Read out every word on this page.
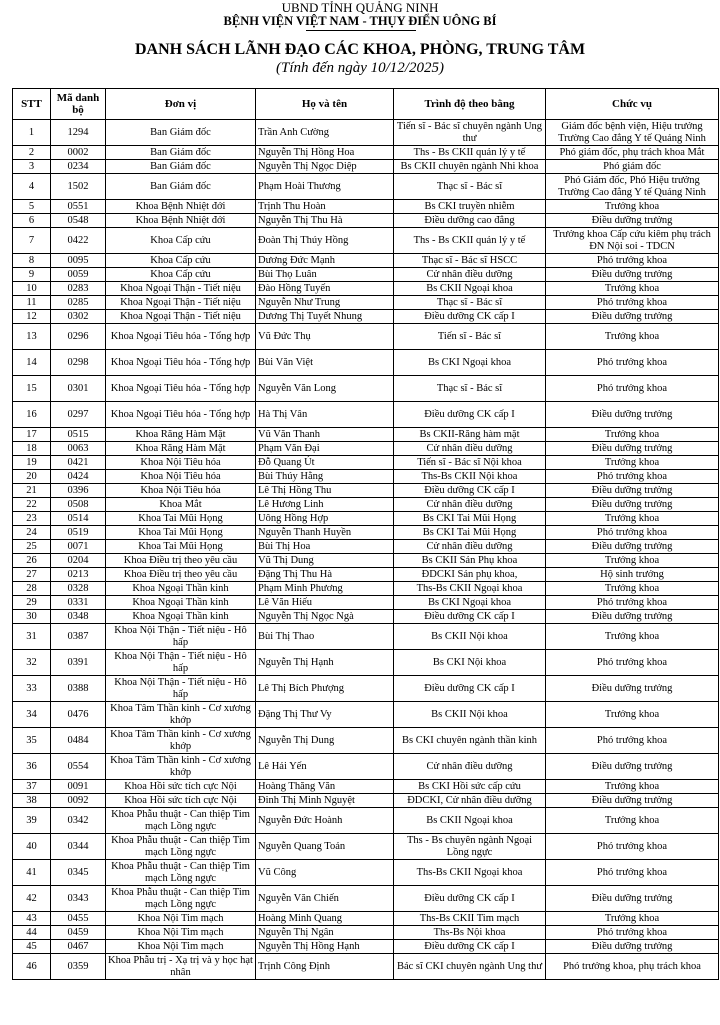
UBND TỈNH QUẢNG NINH
BỆNH VIỆN VIỆT NAM - THỤY ĐIỂN UÔNG BÍ
DANH SÁCH LÃNH ĐẠO CÁC KHOA, PHÒNG, TRUNG TÂM
(Tính đến ngày 10/12/2025)
STT	Mã danh bộ	Đơn vị	Họ và tên	Trình độ theo bằng	Chức vụ
1	1294	Ban Giám đốc	Trần Anh Cường	Tiến sĩ - Bác sĩ chuyên ngành Ung thư	Giám đốc bệnh viện, Hiệu trưởng Trường Cao đẳng Y tế Quảng Ninh
2	0002	Ban Giám đốc	Nguyễn Thị Hồng Hoa	Ths - Bs CKII quản lý y tế	Phó giám đốc, phụ trách khoa Mắt
3	0234	Ban Giám đốc	Nguyễn Thị Ngọc Diệp	Bs CKII chuyên ngành Nhi khoa	Phó giám đốc
4	1502	Ban Giám đốc	Phạm Hoài Thương	Thạc sĩ - Bác sĩ	Phó Giám đốc, Phó Hiệu trưởng Trường Cao đẳng Y tế Quảng Ninh
5	0551	Khoa Bệnh Nhiệt đới	Trịnh Thu Hoàn	Bs CKI truyền nhiễm	Trưởng khoa
6	0548	Khoa Bệnh Nhiệt đới	Nguyễn Thị Thu Hà	Điều dưỡng cao đẳng	Điều dưỡng trưởng
7	0422	Khoa Cấp cứu	Đoàn Thị Thúy Hồng	Ths - Bs CKII quản lý y tế	Trưởng khoa Cấp cứu kiêm phụ trách ĐN Nội soi - TDCN
8	0095	Khoa Cấp cứu	Dương Đức Mạnh	Thạc sĩ - Bác sĩ HSCC	Phó trưởng khoa
9	0059	Khoa Cấp cứu	Bùi Thọ Luân	Cử nhân điều dưỡng	Điều dưỡng trưởng
10	0283	Khoa Ngoại Thận - Tiết niệu	Đào Hồng Tuyến	Bs CKII Ngoại khoa	Trưởng khoa
11	0285	Khoa Ngoại Thận - Tiết niệu	Nguyễn Như Trung	Thạc sĩ - Bác sĩ	Phó trưởng khoa
12	0302	Khoa Ngoại Thận - Tiết niệu	Dương Thị Tuyết Nhung	Điều dưỡng CK cấp I	Điều dưỡng trưởng
13	0296	Khoa Ngoại Tiêu hóa - Tổng hợp	Vũ Đức Thụ	Tiến sĩ - Bác sĩ	Trưởng khoa
14	0298	Khoa Ngoại Tiêu hóa - Tổng hợp	Bùi Văn Việt	Bs CKI Ngoại khoa	Phó trưởng khoa
15	0301	Khoa Ngoại Tiêu hóa - Tổng hợp	Nguyễn Văn Long	Thạc sĩ - Bác sĩ	Phó trưởng khoa
16	0297	Khoa Ngoại Tiêu hóa - Tổng hợp	Hà Thị Vân	Điều dưỡng CK cấp I	Điều dưỡng trưởng
17	0515	Khoa Răng Hàm Mặt	Vũ Văn Thanh	Bs CKII-Răng hàm mặt	Trưởng khoa
18	0063	Khoa Răng Hàm Mặt	Phạm Văn Đại	Cử nhân điều dưỡng	Điều dưỡng trưởng
19	0421	Khoa Nội Tiêu hóa	Đỗ Quang Út	Tiến sĩ - Bác sĩ Nội khoa	Trưởng khoa
20	0424	Khoa Nội Tiêu hóa	Bùi Thúy Hằng	Ths-Bs CKII Nội khoa	Phó trưởng khoa
21	0396	Khoa Nội Tiêu hóa	Lê Thị Hồng Thu	Điều dưỡng CK cấp I	Điều dưỡng trưởng
22	0508	Khoa Mắt	Lê Hương Linh	Cử nhân điều dưỡng	Điều dưỡng trưởng
23	0514	Khoa Tai Mũi Họng	Uông Hồng Hợp	Bs CKI Tai Mũi Họng	Trưởng khoa
24	0519	Khoa Tai Mũi Họng	Nguyễn Thanh Huyền	Bs CKI Tai Mũi Họng	Phó trưởng khoa
25	0071	Khoa Tai Mũi Họng	Bùi Thị Hoa	Cử nhân điều dưỡng	Điều dưỡng trưởng
26	0204	Khoa Điều trị theo yêu cầu	Vũ Thị Dung	Bs CKII Sản Phụ khoa	Trưởng khoa
27	0213	Khoa Điều trị theo yêu cầu	Đặng Thị Thu Hà	ĐDCKI Sản phụ khoa,	Hộ sinh trưởng
28	0328	Khoa Ngoại Thần kinh	Phạm Minh Phương	Ths-Bs CKII Ngoại khoa	Trưởng khoa
29	0331	Khoa Ngoại Thần kinh	Lê Văn Hiếu	Bs CKI Ngoại khoa	Phó trưởng khoa
30	0348	Khoa Ngoại Thần kinh	Nguyễn Thị Ngọc Ngà	Điều dưỡng CK cấp I	Điều dưỡng trưởng
31	0387	Khoa Nội Thận - Tiết niệu - Hô hấp	Bùi Thị Thao	Bs CKII Nội khoa	Trưởng khoa
32	0391	Khoa Nội Thận - Tiết niệu - Hô hấp	Nguyễn Thị Hạnh	Bs CKI Nội khoa	Phó trưởng khoa
33	0388	Khoa Nội Thận - Tiết niệu - Hô hấp	Lê Thị Bích Phượng	Điều dưỡng CK cấp I	Điều dưỡng trưởng
34	0476	Khoa Tâm Thần kinh - Cơ xương khớp	Đặng Thị Thư Vy	Bs CKII Nội khoa	Trưởng khoa
35	0484	Khoa Tâm Thần kinh - Cơ xương khớp	Nguyễn Thị Dung	Bs CKI chuyên ngành thần kinh	Phó trưởng khoa
36	0554	Khoa Tâm Thần kinh - Cơ xương khớp	Lê Hải Yến	Cử nhân điều dưỡng	Điều dưỡng trưởng
37	0091	Khoa Hồi sức tích cực Nội	Hoàng Thăng Văn	Bs CKI Hồi sức cấp cứu	Trưởng khoa
38	0092	Khoa Hồi sức tích cực Nội	Đinh Thị Minh Nguyệt	ĐDCKI, Cử nhân điều dưỡng	Điều dưỡng trưởng
39	0342	Khoa Phẫu thuật - Can thiệp Tim mạch Lồng ngực	Nguyễn Đức Hoành	Bs CKII Ngoại khoa	Trưởng khoa
40	0344	Khoa Phẫu thuật - Can thiệp Tim mạch Lồng ngực	Nguyễn Quang Toản	Ths - Bs chuyên ngành Ngoại Lồng ngực	Phó trưởng khoa
41	0345	Khoa Phẫu thuật - Can thiệp Tim mạch Lồng ngực	Vũ Công	Ths-Bs CKII Ngoại khoa	Phó trưởng khoa
42	0343	Khoa Phẫu thuật - Can thiệp Tim mạch Lồng ngực	Nguyễn Văn Chiến	Điều dưỡng CK cấp I	Điều dưỡng trưởng
43	0455	Khoa Nội Tim mạch	Hoàng Minh Quang	Ths-Bs CKII Tim mạch	Trưởng khoa
44	0459	Khoa Nội Tim mạch	Nguyễn Thị Ngân	Ths-Bs Nội khoa	Phó trưởng khoa
45	0467	Khoa Nội Tim mạch	Nguyễn Thị Hồng Hạnh	Điều dưỡng CK cấp I	Điều dưỡng trưởng
46	0359	Khoa Phẫu trị - Xạ trị và y học hạt nhân	Trịnh Công Định	Bác sĩ CKI chuyên ngành Ung thư	Phó trưởng khoa, phụ trách khoa
